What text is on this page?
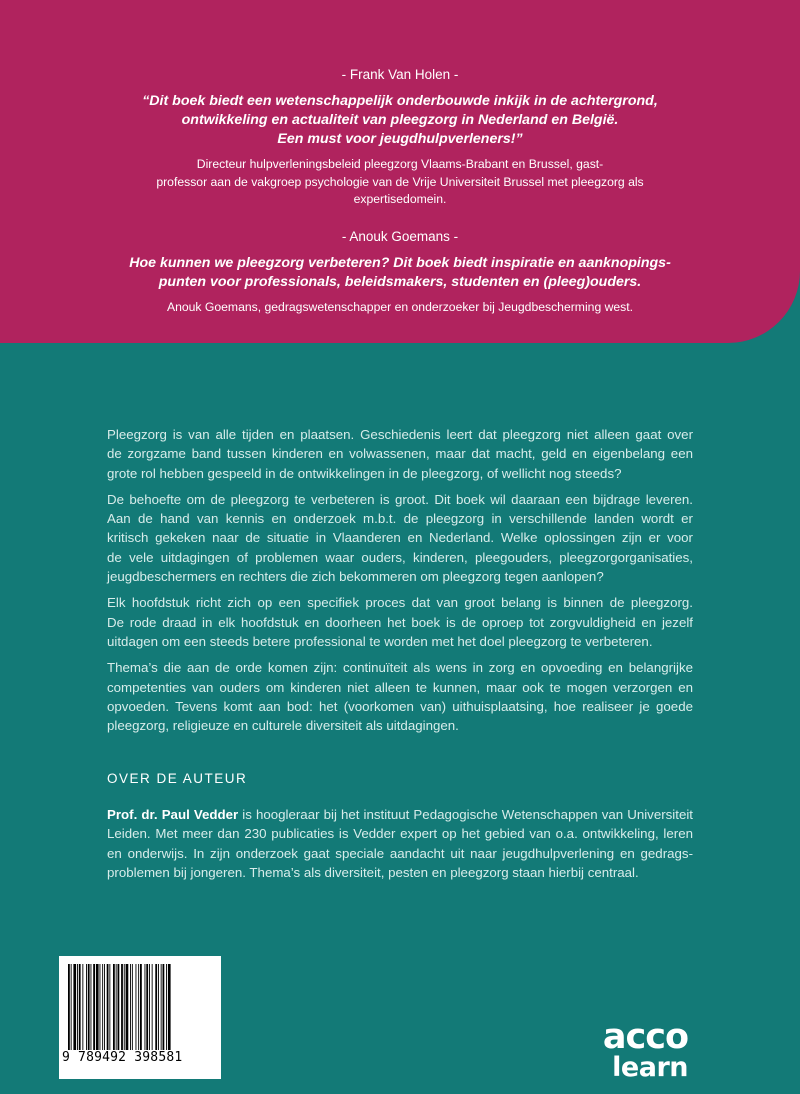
- Frank Van Holen -
“Dit boek biedt een wetenschappelijk onderbouwde inkijk in de achtergrond,
ontwikkeling en actualiteit van pleegzorg in Nederland en België.
Een must voor jeugdhulpverleners!”
Directeur hulpverleningsbeleid pleegzorg Vlaams-Brabant en Brussel, gast-
professor aan de vakgroep psychologie van de Vrije Universiteit Brussel met pleegzorg als
expertisedomein.
- Anouk Goemans -
Hoe kunnen we pleegzorg verbeteren? Dit boek biedt inspiratie en aanknopings-
punten voor professionals, beleidsmakers, studenten en (pleeg)ouders.
Anouk Goemans, gedragswetenschapper en onderzoeker bij Jeugdbescherming west.
Pleegzorg is van alle tijden en plaatsen. Geschiedenis leert dat pleegzorg niet alleen gaat over
de zorgzame band tussen kinderen en volwassenen, maar dat macht, geld en eigenbelang een
grote rol hebben gespeeld in de ontwikkelingen in de pleegzorg, of wellicht nog steeds?
De behoefte om de pleegzorg te verbeteren is groot. Dit boek wil daaraan een bijdrage leveren.
Aan de hand van kennis en onderzoek m.b.t. de pleegzorg in verschillende landen wordt er
kritisch gekeken naar de situatie in Vlaanderen en Nederland. Welke oplossingen zijn er voor
de vele uitdagingen of problemen waar ouders, kinderen, pleegouders, pleegzorgorganisaties,
jeugdbeschermers en rechters die zich bekommeren om pleegzorg tegen aanlopen?
Elk hoofdstuk richt zich op een specifiek proces dat van groot belang is binnen de pleegzorg.
De rode draad in elk hoofdstuk en doorheen het boek is de oproep tot zorgvuldigheid en jezelf
uitdagen om een steeds betere professional te worden met het doel pleegzorg te verbeteren.
Thema’s die aan de orde komen zijn: continuïteit als wens in zorg en opvoeding en belangrijke
competenties van ouders om kinderen niet alleen te kunnen, maar ook te mogen verzorgen en
opvoeden. Tevens komt aan bod: het (voorkomen van) uithuisplaatsing, hoe realiseer je goede
pleegzorg, religieuze en culturele diversiteit als uitdagingen.
OVER DE AUTEUR
Prof. dr. Paul Vedder is hoogleraar bij het instituut Pedagogische Wetenschappen van Universiteit
Leiden. Met meer dan 230 publicaties is Vedder expert op het gebied van o.a. ontwikkeling, leren
en onderwijs. In zijn onderzoek gaat speciale aandacht uit naar jeugdhulpverlening en gedrags-
problemen bij jongeren. Thema’s als diversiteit, pesten en pleegzorg staan hierbij centraal.
9 789492 398581
acco
learn
